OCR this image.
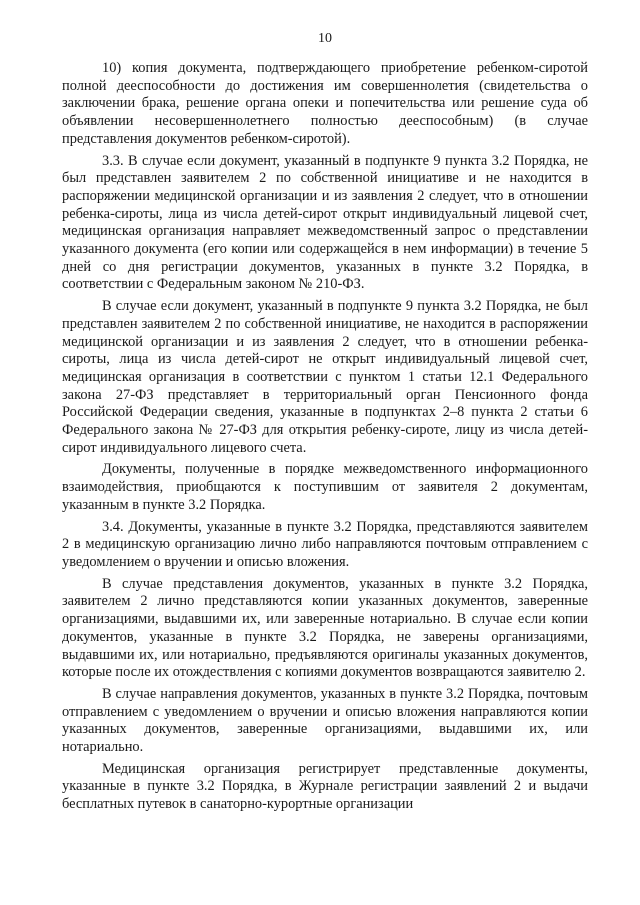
10

10) копия документа, подтверждающего приобретение ребенком-сиротой полной дееспособности до достижения им совершеннолетия (свидетельства о заключении брака, решение органа опеки и попечительства или решение суда об объявлении несовершеннолетнего полностью дееспособным) (в случае представления документов ребенком-сиротой).

3.3. В случае если документ, указанный в подпункте 9 пункта 3.2 Порядка, не был представлен заявителем 2 по собственной инициативе и не находится в распоряжении медицинской организации и из заявления 2 следует, что в отношении ребенка-сироты, лица из числа детей-сирот открыт индивидуальный лицевой счет, медицинская организация направляет межведомственный запрос о представлении указанного документа (его копии или содержащейся в нем информации) в течение 5 дней со дня регистрации документов, указанных в пункте 3.2 Порядка, в соответствии с Федеральным законом № 210-ФЗ.

В случае если документ, указанный в подпункте 9 пункта 3.2 Порядка, не был представлен заявителем 2 по собственной инициативе, не находится в распоряжении медицинской организации и из заявления 2 следует, что в отношении ребенка-сироты, лица из числа детей-сирот не открыт индивидуальный лицевой счет, медицинская организация в соответствии с пунктом 1 статьи 12.1 Федерального закона 27-ФЗ представляет в территориальный орган Пенсионного фонда Российской Федерации сведения, указанные в подпунктах 2–8 пункта 2 статьи 6 Федерального закона № 27-ФЗ для открытия ребенку-сироте, лицу из числа детей-сирот индивидуального лицевого счета.

Документы, полученные в порядке межведомственного информационного взаимодействия, приобщаются к поступившим от заявителя 2 документам, указанным в пункте 3.2 Порядка.

3.4. Документы, указанные в пункте 3.2 Порядка, представляются заявителем 2 в медицинскую организацию лично либо направляются почтовым отправлением с уведомлением о вручении и описью вложения.

В случае представления документов, указанных в пункте 3.2 Порядка, заявителем 2 лично представляются копии указанных документов, заверенные организациями, выдавшими их, или заверенные нотариально. В случае если копии документов, указанные в пункте 3.2 Порядка, не заверены организациями, выдавшими их, или нотариально, предъявляются оригиналы указанных документов, которые после их отождествления с копиями документов возвращаются заявителю 2.

В случае направления документов, указанных в пункте 3.2 Порядка, почтовым отправлением с уведомлением о вручении и описью вложения направляются копии указанных документов, заверенные организациями, выдавшими их, или нотариально.

Медицинская организация регистрирует представленные документы, указанные в пункте 3.2 Порядка, в Журнале регистрации заявлений 2 и выдачи бесплатных путевок в санаторно-курортные организации
